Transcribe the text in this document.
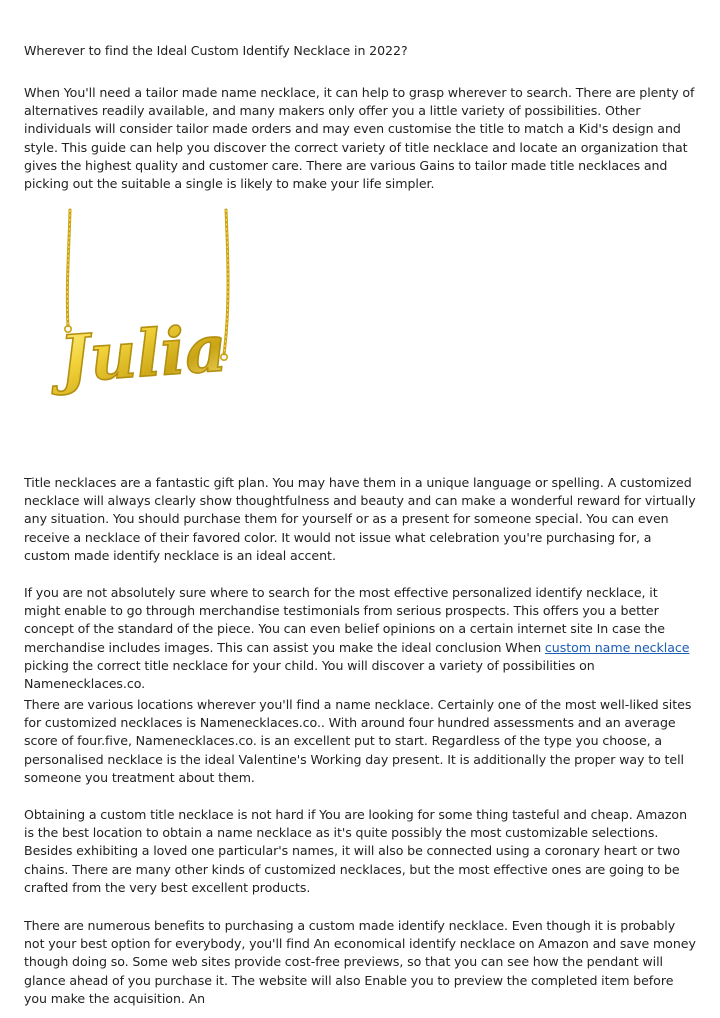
Wherever to find the Ideal Custom Identify Necklace in 2022?

When You'll need a tailor made name necklace, it can help to grasp wherever to search. There are plenty of alternatives readily available, and many makers only offer you a little variety of possibilities. Other individuals will consider tailor made orders and may even customise the title to match a Kid's design and style. This guide can help you discover the correct variety of title necklace and locate an organization that gives the highest quality and customer care. There are various Gains to tailor made title necklaces and picking out the suitable a single is likely to make your life simpler.

Title necklaces are a fantastic gift plan. You may have them in a unique language or spelling. A customized necklace will always clearly show thoughtfulness and beauty and can make a wonderful reward for virtually any situation. You should purchase them for yourself or as a present for someone special. You can even receive a necklace of their favored color. It would not issue what celebration you're purchasing for, a custom made identify necklace is an ideal accent.

If you are not absolutely sure where to search for the most effective personalized identify necklace, it might enable to go through merchandise testimonials from serious prospects. This offers you a better concept of the standard of the piece. You can even belief opinions on a certain internet site In case the merchandise includes images. This can assist you make the ideal conclusion When custom name necklace picking the correct title necklace for your child. You will discover a variety of possibilities on Namenecklaces.co.

There are various locations wherever you'll find a name necklace. Certainly one of the most well-liked sites for customized necklaces is Namenecklaces.co.. With around four hundred assessments and an average score of four.five, Namenecklaces.co. is an excellent put to start. Regardless of the type you choose, a personalised necklace is the ideal Valentine's Working day present. It is additionally the proper way to tell someone you treatment about them.

Obtaining a custom title necklace is not hard if You are looking for some thing tasteful and cheap. Amazon is the best location to obtain a name necklace as it's quite possibly the most customizable selections. Besides exhibiting a loved one particular's names, it will also be connected using a coronary heart or two chains. There are many other kinds of customized necklaces, but the most effective ones are going to be crafted from the very best excellent products.

There are numerous benefits to purchasing a custom made identify necklace. Even though it is probably not your best option for everybody, you'll find An economical identify necklace on Amazon and save money though doing so. Some web sites provide cost-free previews, so that you can see how the pendant will glance ahead of you purchase it. The website will also Enable you to preview the completed item before you make the acquisition. An

Julia
